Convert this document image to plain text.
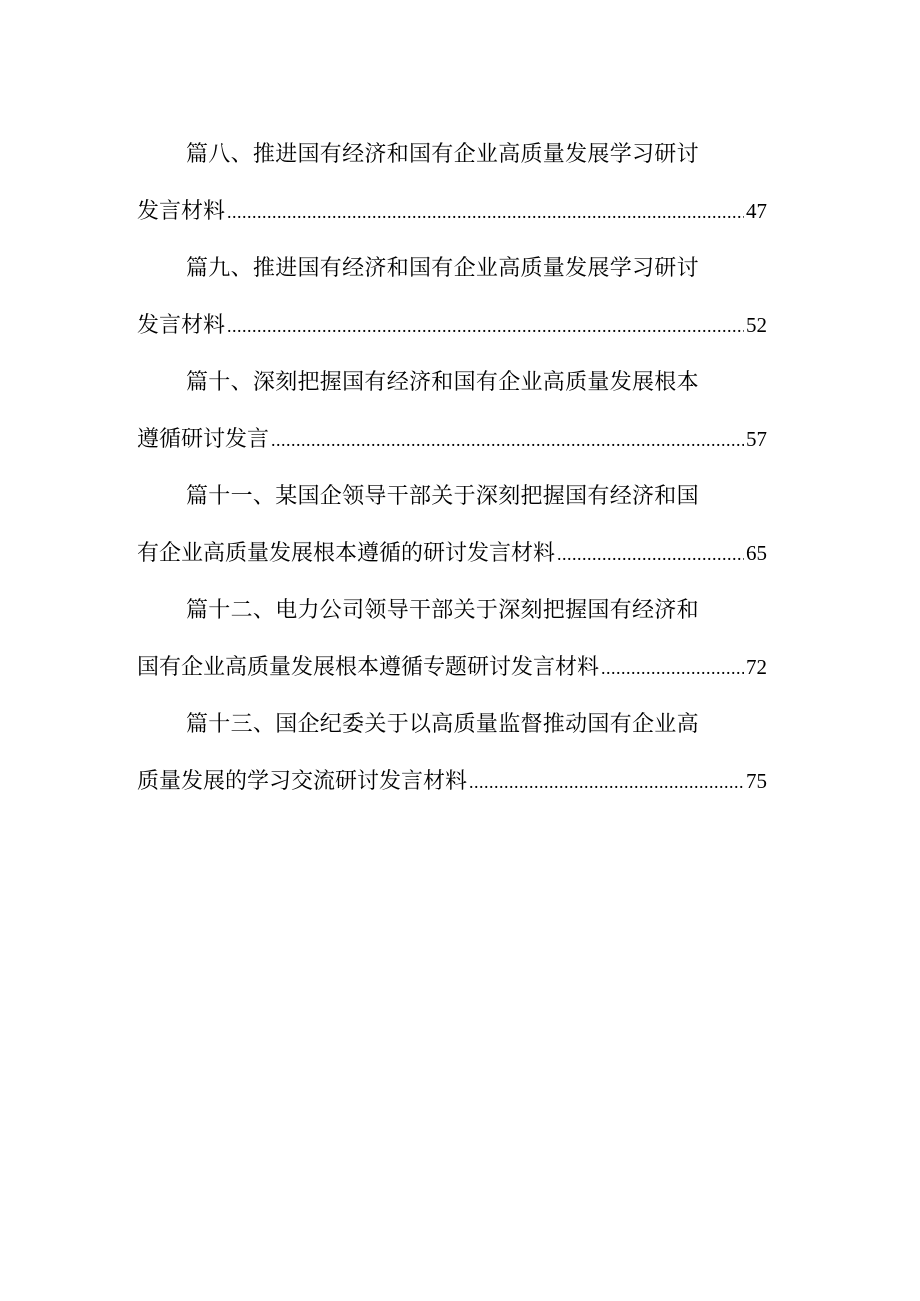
篇八、推进国有经济和国有企业高质量发展学习研讨
发言材料 .....	47
篇九、推进国有经济和国有企业高质量发展学习研讨
发言材料 .....	52
篇十、深刻把握国有经济和国有企业高质量发展根本
遵循研讨发言 .....	57
篇十一、某国企领导干部关于深刻把握国有经济和国
有企业高质量发展根本遵循的研讨发言材料 .....	65
篇十二、电力公司领导干部关于深刻把握国有经济和
国有企业高质量发展根本遵循专题研讨发言材料 .....	72
篇十三、国企纪委关于以高质量监督推动国有企业高
质量发展的学习交流研讨发言材料 .....	75
